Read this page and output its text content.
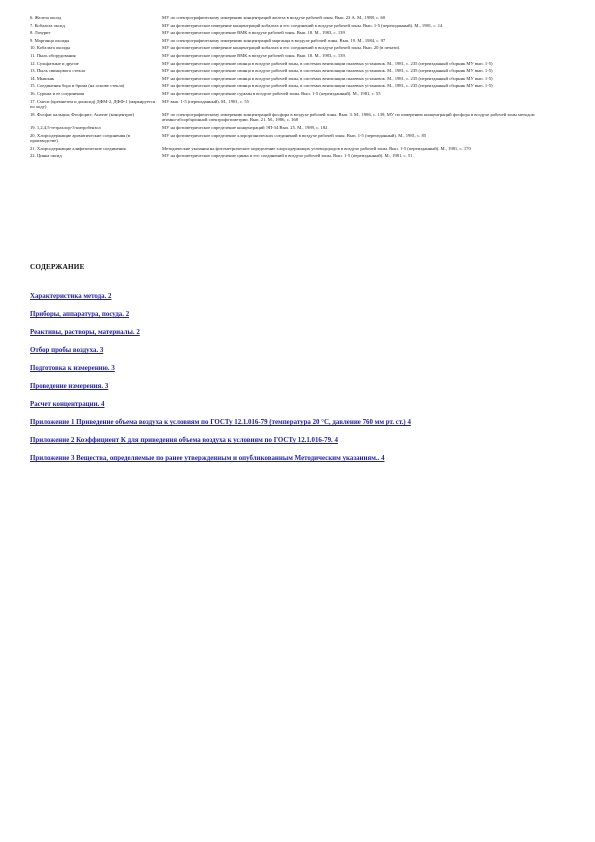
6. Железа оксид	МУ по спектрографическому измерению концентраций железа в воздухе рабочей зоны. Вып. 23 А. М., 1988, с. 60
7. Кобальта оксид	МУ на фотометрическое измерение концентраций кобальта и его соединений в воздухе рабочей зоны. Вып. 1-5 (переизданный). М., 1981, с. 14
8. Лазурит	МУ на фотометрическое определение ВМК в воздухе рабочей зоны. Вып. 18. М., 1983, с. 139
9. Марганца оксиды	МУ по спектрографическому измерению концентраций марганца в воздухе рабочей зоны. Вып. 19. М., 1984, с. 97
10. Кобальта оксиды	МУ на фотометрическое измерение концентраций кобальта и его соединений в воздухе рабочей зоны. Вып. 20 (в печати).
11. Пыль оборудования	МУ на фотометрическое определение ВМК в воздухе рабочей зоны. Вып. 18. М., 1983, с. 139.
12. Сульфатные и другие	МУ на фотометрическое определение свинца в воздухе рабочей зоны, в системах вентиляции пылевых установок. М., 1981, с. 235 (переизданный сборник МУ вып. 1-5)
13. Пыль свинцового стекла	МУ на фотометрическое определение свинца в воздухе рабочей зоны, в системах вентиляции пылевых установок. М., 1981, с. 235 (переизданный сборник МУ вып. 1-5)
14. Мышьяк	МУ на фотометрическое определение свинца в воздухе рабочей зоны, в системах вентиляции пылевых установок. М., 1981, с. 235 (переизданный сборник МУ вып. 1-5)
15. Соединения бора и брома (на основе стекла)	МУ на фотометрическое определение свинца в воздухе рабочей зоны, в системах вентиляции пылевых установок. М., 1981, с. 235 (переизданный сборник МУ вып. 1-5)
16. Сурьма и ее соединения	МУ на фотометрическое определение сурьмы в воздухе рабочей зоны. Вып. 1-5 (переизданный). М., 1981, с. 55
17. Смеси (кремнезем и диоксид) ДФМ-2, ДФФ-1 (маркируется по ходу)	МУ вып. 1-5 (переизданный). М., 1981, с. 55
18. Фосфат кальция; Фосфорит; Апатит (концентрат)	МУ по спектрографическому измерению концентраций фосфора в воздухе рабочей зоны. Вып. 3. М., 1986, с. 139; МУ по измерению концентраций фосфора в воздухе рабочей зоны методом атомно-абсорбционной спектрофотометрии. Вып. 21. М., 1986, с. 168
19. 1,2,4,5-тетрахлор-3-нитробензол	МУ на фотометрическое определение концентраций ЭП-34 Вып. 25. М., 1989, с. 182
20. Хлорсодержащие ароматические соединения (в производстве)	МУ на фотометрическое определение хлорорганических соединений в воздухе рабочей зоны. Вып. 1-5 (переизданный). М., 1981, с. 85
21. Хлорсодержащие алифатические соединения	Методические указания на фотометрическое определение хлорсодержащих углеводородов в воздухе рабочей зоны. Вып. 1-5 (переизданный). М., 1981, с. 170
22. Цинка оксид	МУ на фотометрическое определение цинка и его соединений в воздухе рабочей зоны. Вып. 1-5 (переизданный). М., 1981, с. 51.
СОДЕРЖАНИЕ
Характеристика метода. 2
Приборы, аппаратура, посуда. 2
Реактивы, растворы, материалы. 2
Отбор пробы воздуха. 3
Подготовка к измерению. 3
Проведение измерения. 3
Расчет концентрации. 4
Приложение 1 Приведение объема воздуха к условиям по ГОСТу 12.1.016-79 (температура 20 °С, давление 760 мм рт. ст.) 4
Приложение 2 Коэффициент К для приведения объема воздуха к условиям по ГОСТу 12.1.016-79. 4
Приложение 3 Вещества, определяемые по ранее утвержденным и опубликованным Методическим указаниям.. 4
